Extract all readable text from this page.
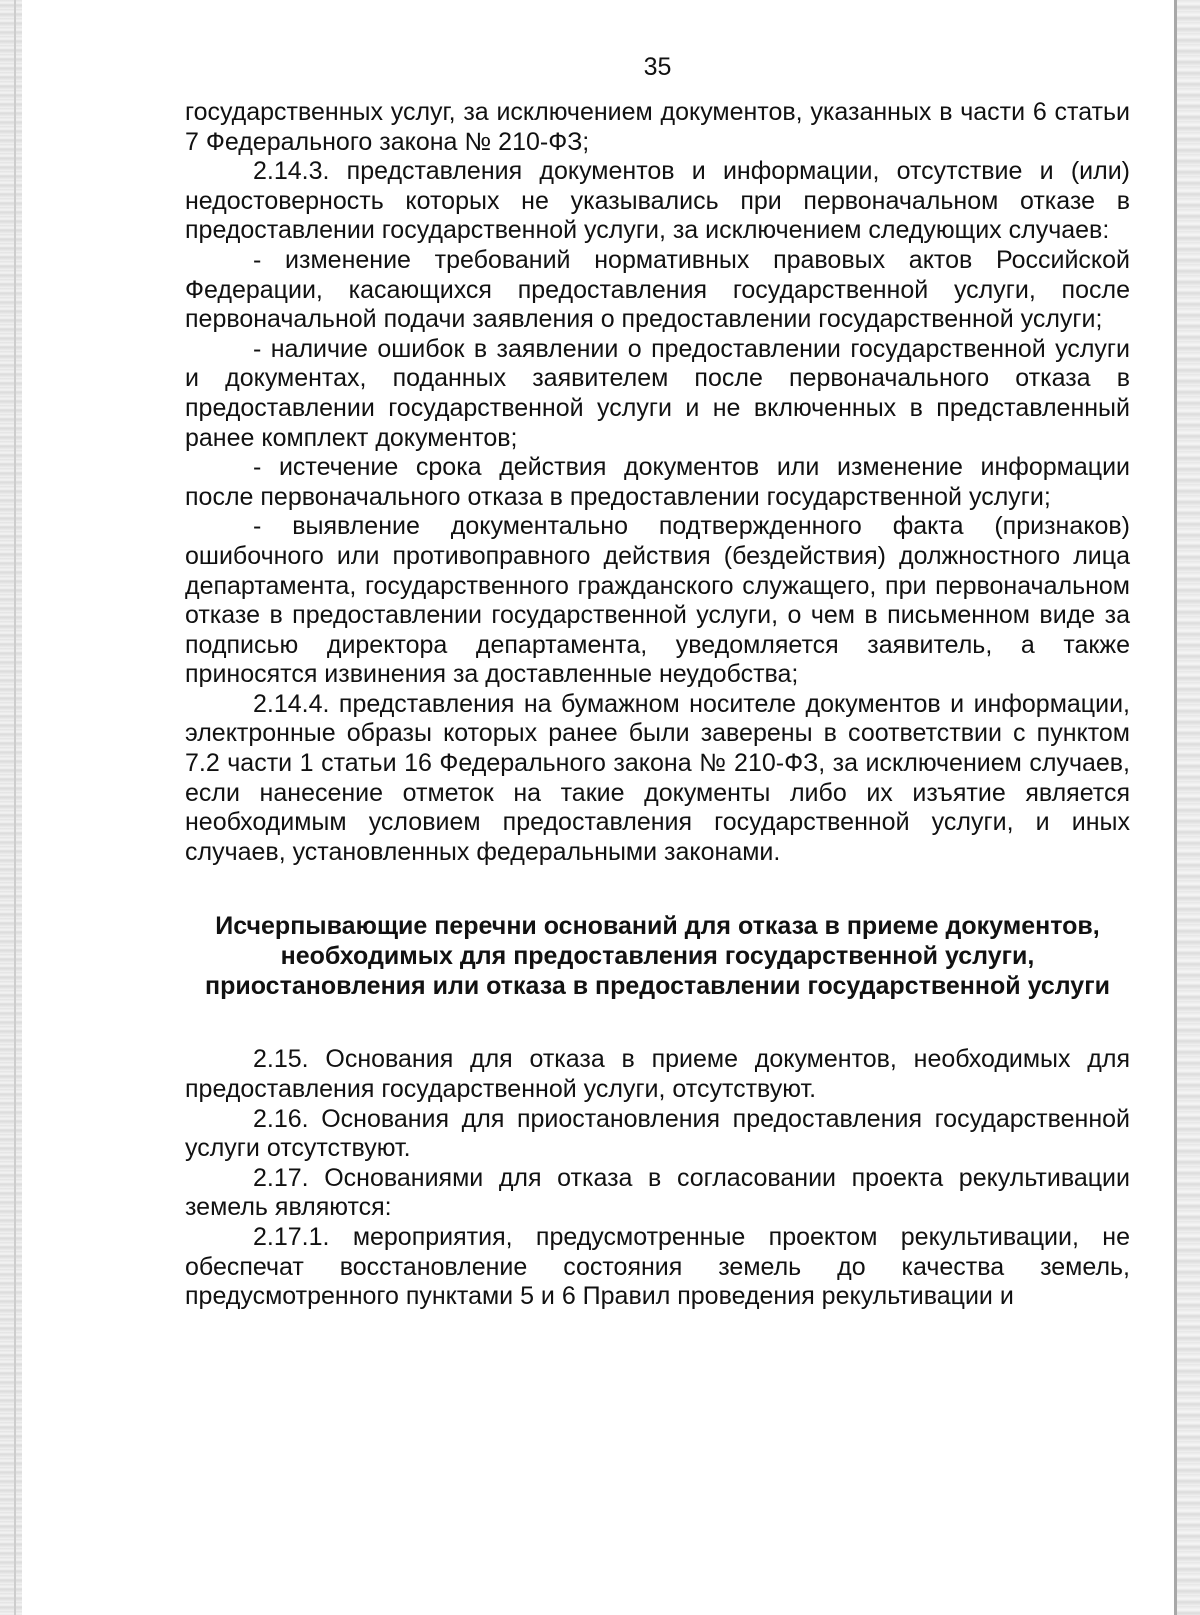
35

государственных услуг, за исключением документов, указанных в части 6 статьи 7 Федерального закона № 210-ФЗ;

2.14.3. представления документов и информации, отсутствие и (или) недостоверность которых не указывались при первоначальном отказе в предоставлении государственной услуги, за исключением следующих случаев:

- изменение требований нормативных правовых актов Российской Федерации, касающихся предоставления государственной услуги, после первоначальной подачи заявления о предоставлении государственной услуги;

- наличие ошибок в заявлении о предоставлении государственной услуги и документах, поданных заявителем после первоначального отказа в предоставлении государственной услуги и не включенных в представленный ранее комплект документов;

- истечение срока действия документов или изменение информации после первоначального отказа в предоставлении государственной услуги;

- выявление документально подтвержденного факта (признаков) ошибочного или противоправного действия (бездействия) должностного лица департамента, государственного гражданского служащего, при первоначальном отказе в предоставлении государственной услуги, о чем в письменном виде за подписью директора департамента, уведомляется заявитель, а также приносятся извинения за доставленные неудобства;

2.14.4. представления на бумажном носителе документов и информации, электронные образы которых ранее были заверены в соответствии с пунктом 7.2 части 1 статьи 16 Федерального закона № 210-ФЗ, за исключением случаев, если нанесение отметок на такие документы либо их изъятие является необходимым условием предоставления государственной услуги, и иных случаев, установленных федеральными законами.

Исчерпывающие перечни оснований для отказа в приеме документов, необходимых для предоставления государственной услуги, приостановления или отказа в предоставлении государственной услуги

2.15. Основания для отказа в приеме документов, необходимых для предоставления государственной услуги, отсутствуют.

2.16. Основания для приостановления предоставления государственной услуги отсутствуют.

2.17. Основаниями для отказа в согласовании проекта рекультивации земель являются:

2.17.1. мероприятия, предусмотренные проектом рекультивации, не обеспечат восстановление состояния земель до качества земель, предусмотренного пунктами 5 и 6 Правил проведения рекультивации и
